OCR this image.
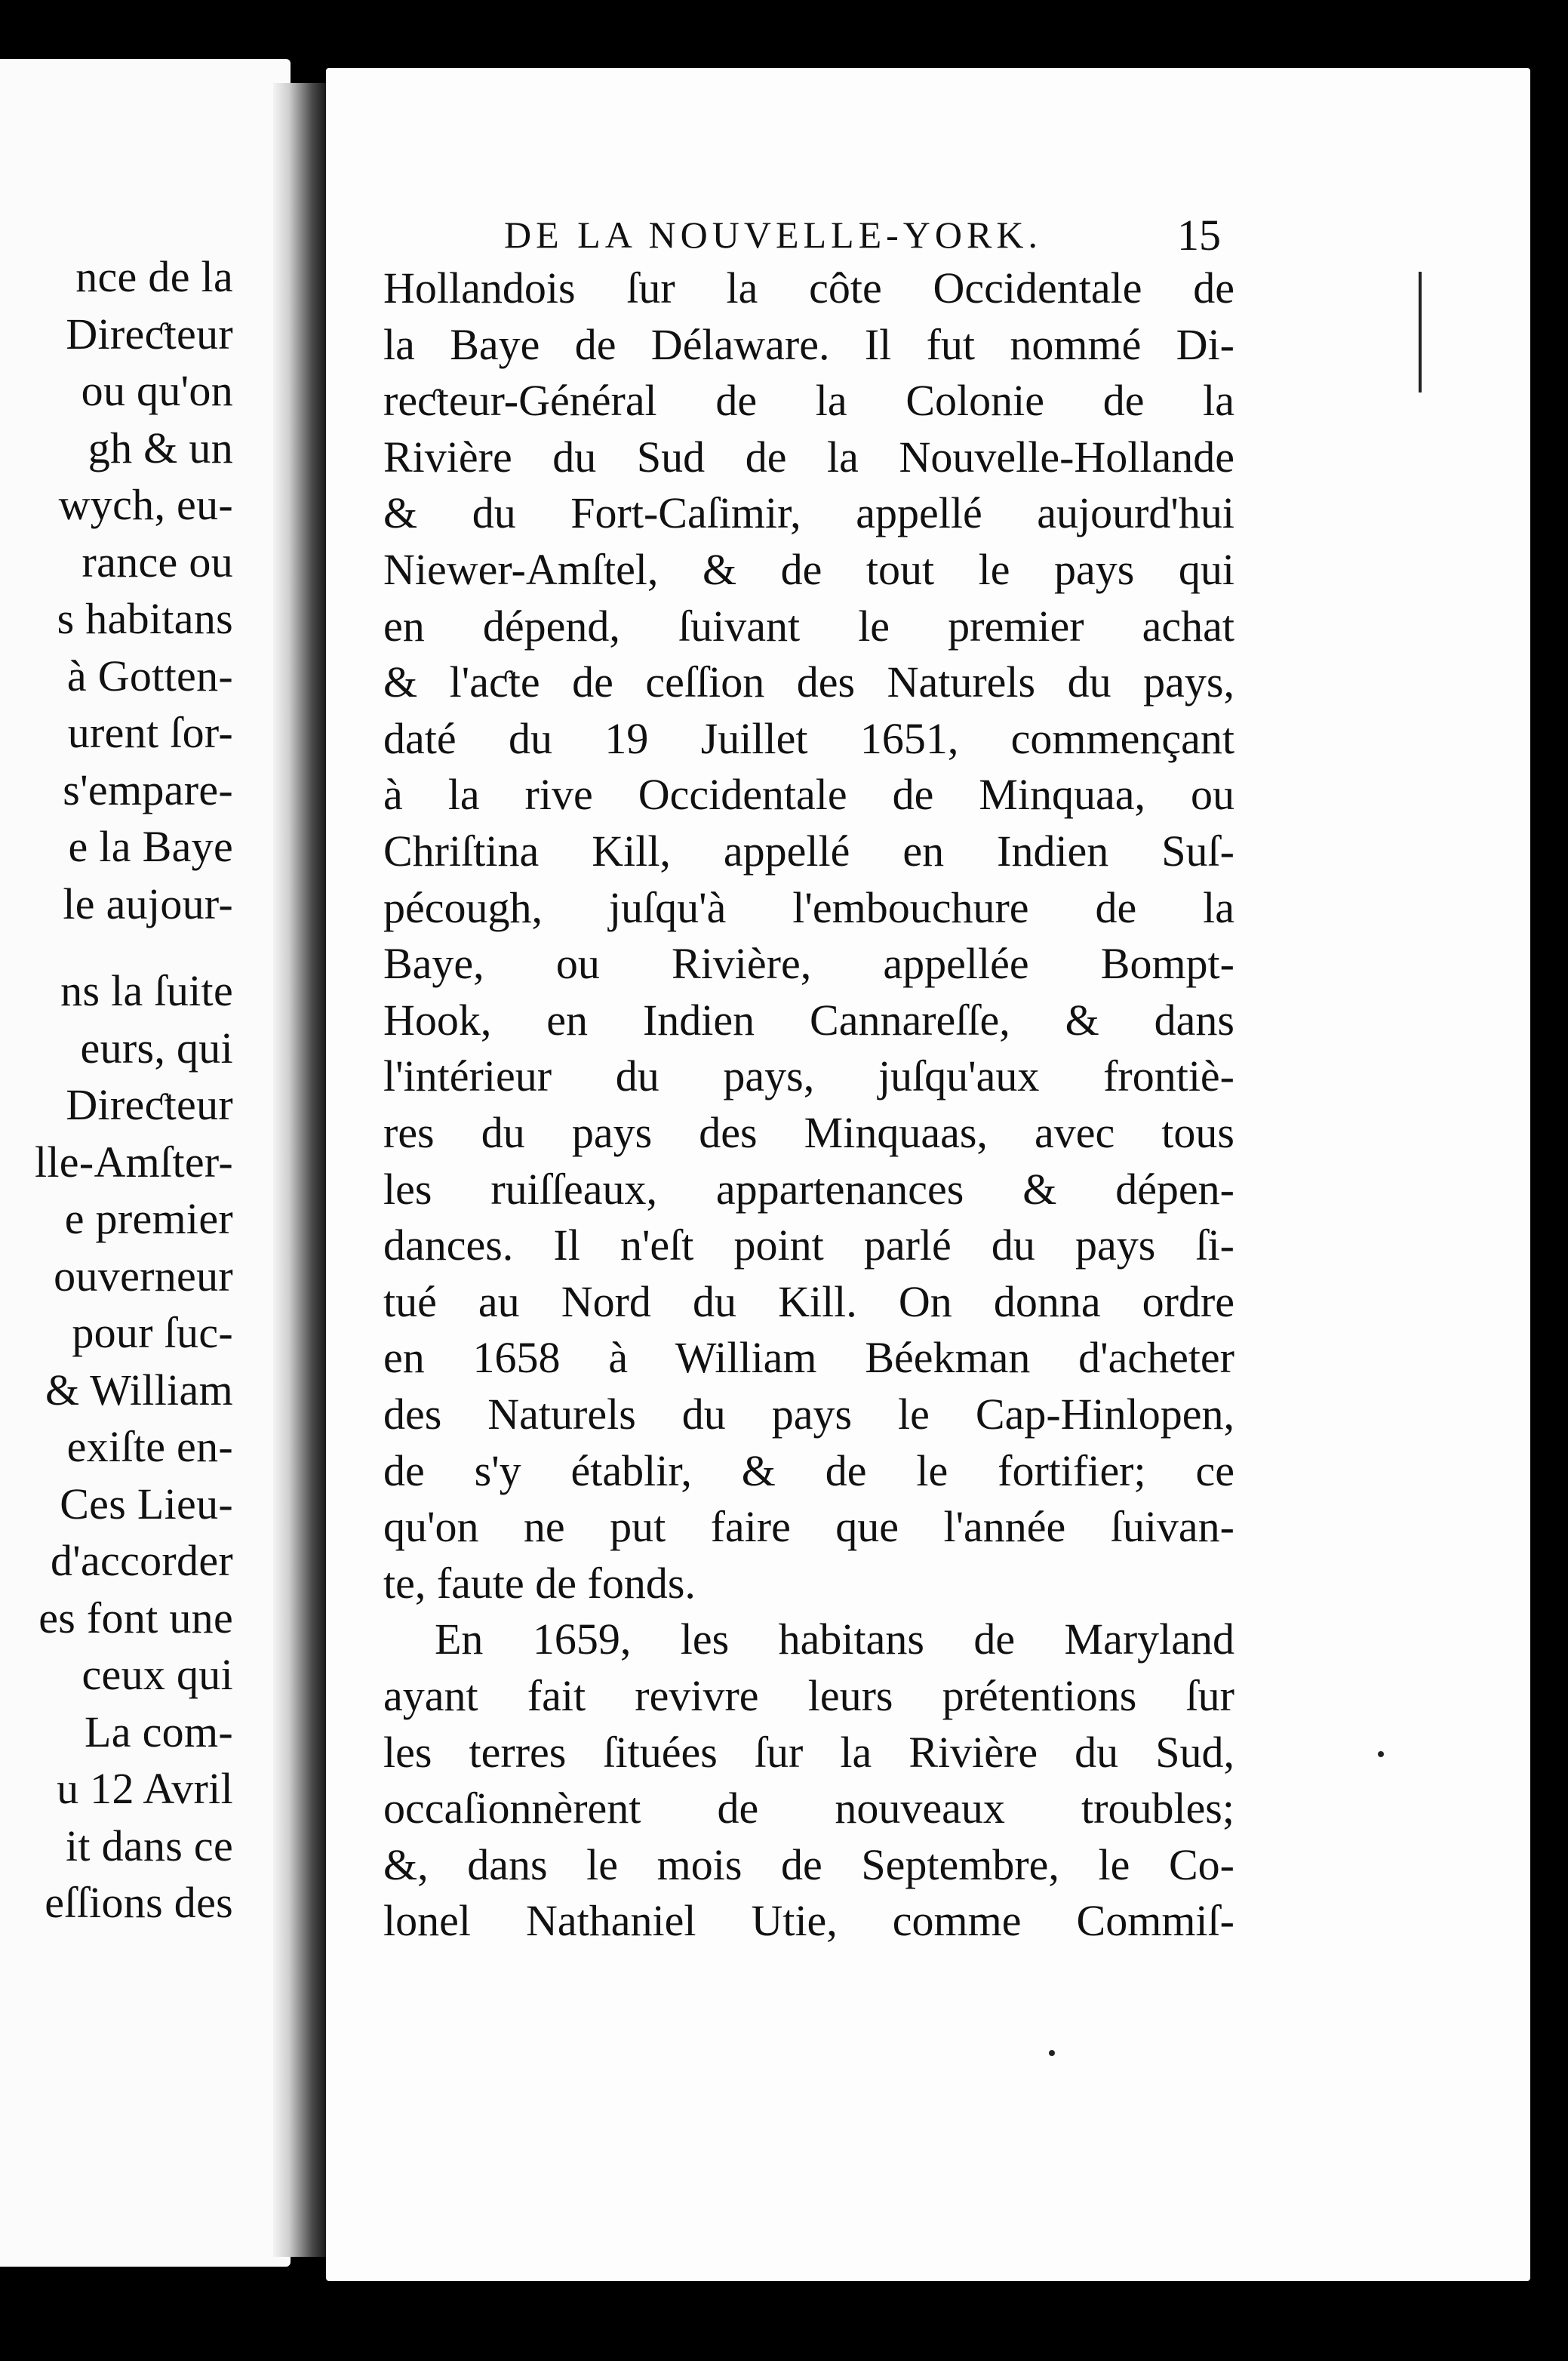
nce de la
Direƈteur
ou qu'on
gh & un
wych, eu-
rance ou
s habitans
à Gotten-
urent ſor-
s'empare-
e la Baye
le aujour-
ns la ſuite
eurs, qui
Direƈteur
lle-Amſter-
e premier
ouverneur
pour ſuc-
& William
exiſte en-
Ces Lieu-
d'accorder
es font une
ceux qui
La com-
u 12 Avril
it dans ce
eſſions des
DE LA NOUVELLE-YORK.	15
Hollandois ſur la côte Occidentale de
la Baye de Délaware. Il fut nommé Di-
reƈteur-Général de la Colonie de la
Rivière du Sud de la Nouvelle-Hollande
& du Fort-Caſimir, appellé aujourd'hui
Niewer-Amſtel, & de tout le pays qui
en dépend, ſuivant le premier achat
& l'aƈte de ceſſion des Naturels du pays,
daté du 19 Juillet 1651, commençant
à la rive Occidentale de Minquaa, ou
Chriſtina Kill, appellé en Indien Suſ-
pécough, juſqu'à l'embouchure de la
Baye, ou Rivière, appellée Bompt-
Hook, en Indien Cannareſſe, & dans
l'intérieur du pays, juſqu'aux frontiè-
res du pays des Minquaas, avec tous
les ruiſſeaux, appartenances & dépen-
dances. Il n'eſt point parlé du pays ſi-
tué au Nord du Kill. On donna ordre
en 1658 à William Béekman d'acheter
des Naturels du pays le Cap-Hinlopen,
de s'y établir, & de le fortifier; ce
qu'on ne put faire que l'année ſuivan-
te, faute de fonds.
En 1659, les habitans de Maryland
ayant fait revivre leurs prétentions ſur
les terres ſituées ſur la Rivière du Sud,
occaſionnèrent de nouveaux troubles;
&, dans le mois de Septembre, le Co-
lonel Nathaniel Utie, comme Commiſ-
